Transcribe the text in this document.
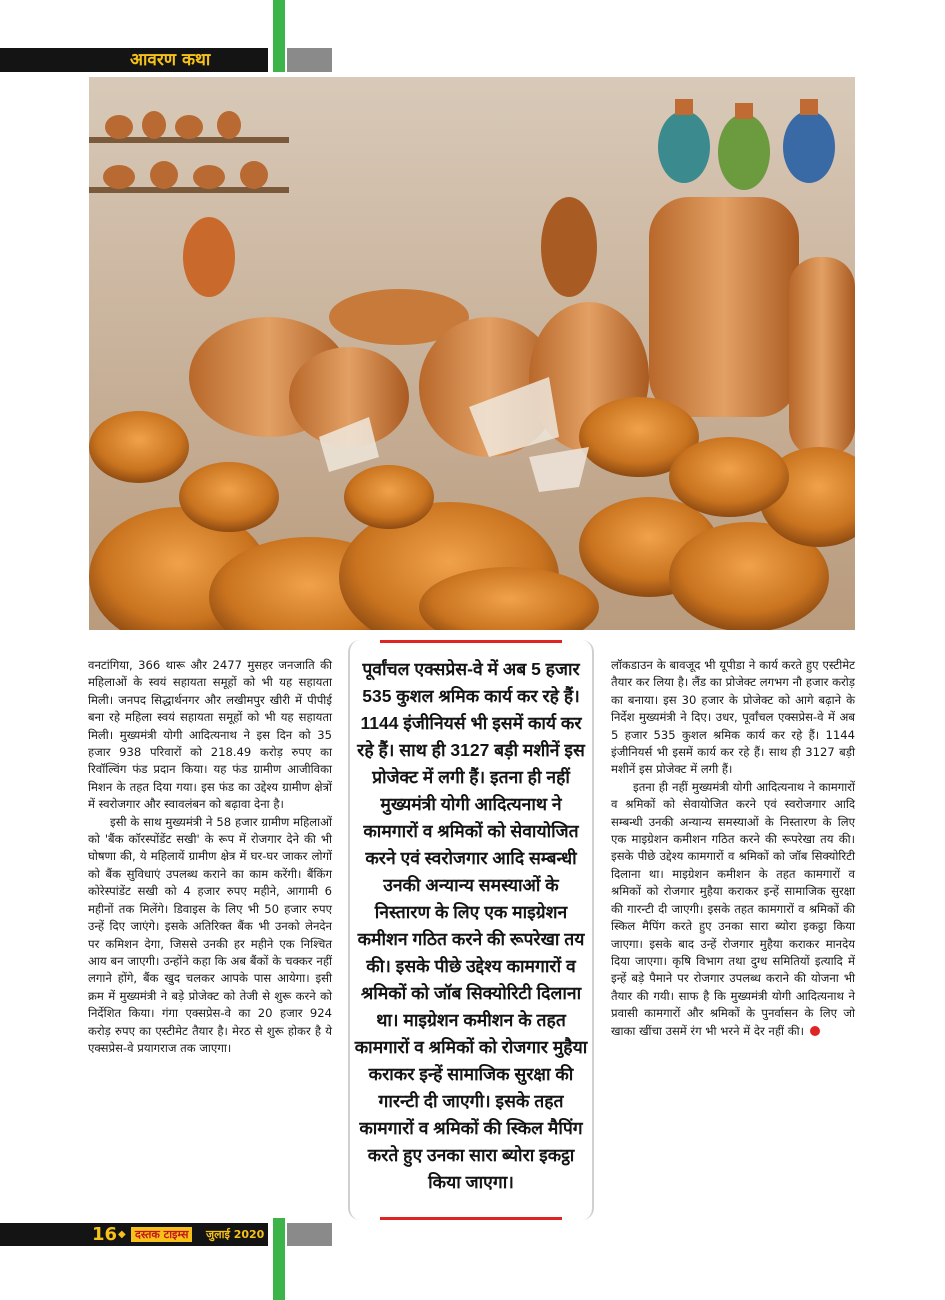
आवरण कथा

वनटांगिया, 366 थारू और 2477 मुसहर जनजाति की महिलाओं के स्वयं सहायता समूहों को भी यह सहायता मिली। जनपद सिद्धार्थनगर और लखीमपुर खीरी में पीपीई बना रहे महिला स्वयं सहायता समूहों को भी यह सहायता मिली। मुख्यमंत्री योगी आदित्यनाथ ने इस दिन को 35 हजार 938 परिवारों को 218.49 करोड़ रुपए का रिवॉल्विंग फंड प्रदान किया। यह फंड ग्रामीण आजीविका मिशन के तहत दिया गया। इस फंड का उद्देश्य ग्रामीण क्षेत्रों में स्वरोजगार और स्वावलंबन को बढ़ावा देना है।

इसी के साथ मुख्यमंत्री ने 58 हजार ग्रामीण महिलाओं को 'बैंक कॉरस्पोंडेंट सखी' के रूप में रोजगार देने की भी घोषणा की, ये महिलायें ग्रामीण क्षेत्र में घर-घर जाकर लोगों को बैंक सुविधाएं उपलब्ध कराने का काम करेंगी। बैंकिंग कोरेस्पांडेंट सखी को 4 हजार रुपए महीने, आगामी 6 महीनों तक मिलेंगे। डिवाइस के लिए भी 50 हजार रुपए उन्हें दिए जाएंगे। इसके अतिरिक्त बैंक भी उनको लेनदेन पर कमिशन देगा, जिससे उनकी हर महीने एक निश्चित आय बन जाएगी। उन्होंने कहा कि अब बैंकों के चक्कर नहीं लगाने होंगे, बैंक खुद चलकर आपके पास आयेगा। इसी क्रम में मुख्यमंत्री ने बड़े प्रोजेक्ट को तेजी से शुरू करने को निर्देशित किया। गंगा एक्सप्रेस-वे का 20 हजार 924 करोड़ रुपए का एस्टीमेट तैयार है। मेरठ से शुरू होकर है ये एक्सप्रेस-वे प्रयागराज तक जाएगा।

पूर्वांचल एक्सप्रेस-वे में अब 5 हजार 535 कुशल श्रमिक कार्य कर रहे हैं। 1144 इंजीनियर्स भी इसमें कार्य कर रहे हैं। साथ ही 3127 बड़ी मशीनें इस प्रोजेक्ट में लगी हैं। इतना ही नहीं मुख्यमंत्री योगी आदित्यनाथ ने कामगारों व श्रमिकों को सेवायोजित करने एवं स्वरोजगार आदि सम्बन्धी उनकी अन्यान्य समस्याओं के निस्तारण के लिए एक माइग्रेशन कमीशन गठित करने की रूपरेखा तय की। इसके पीछे उद्देश्य कामगारों व श्रमिकों को जॉब सिक्योरिटी दिलाना था। माइग्रेशन कमीशन के तहत कामगारों व श्रमिकों को रोजगार मुहैया कराकर इन्हें सामाजिक सुरक्षा की गारन्टी दी जाएगी। इसके तहत कामगारों व श्रमिकों की स्किल मैपिंग करते हुए उनका सारा ब्योरा इकट्ठा किया जाएगा।

लॉकडाउन के बावजूद भी यूपीडा ने कार्य करते हुए एस्टीमेट तैयार कर लिया है। लैंड का प्रोजेक्ट लगभग नौ हजार करोड़ का बनाया। इस 30 हजार के प्रोजेक्ट को आगे बढ़ाने के निर्देश मुख्यमंत्री ने दिए। उधर, पूर्वांचल एक्सप्रेस-वे में अब 5 हजार 535 कुशल श्रमिक कार्य कर रहे हैं। 1144 इंजीनियर्स भी इसमें कार्य कर रहे हैं। साथ ही 3127 बड़ी मशीनें इस प्रोजेक्ट में लगी हैं।

इतना ही नहीं मुख्यमंत्री योगी आदित्यनाथ ने कामगारों व श्रमिकों को सेवायोजित करने एवं स्वरोजगार आदि सम्बन्धी उनकी अन्यान्य समस्याओं के निस्तारण के लिए एक माइग्रेशन कमीशन गठित करने की रूपरेखा तय की। इसके पीछे उद्देश्य कामगारों व श्रमिकों को जॉब सिक्योरिटी दिलाना था। माइग्रेशन कमीशन के तहत कामगारों व श्रमिकों को रोजगार मुहैया कराकर इन्हें सामाजिक सुरक्षा की गारन्टी दी जाएगी। इसके तहत कामगारों व श्रमिकों की स्किल मैपिंग करते हुए उनका सारा ब्योरा इकट्ठा किया जाएगा। इसके बाद उन्हें रोजगार मुहैया कराकर मानदेय दिया जाएगा। कृषि विभाग तथा दुग्ध समितियों इत्यादि में इन्हें बड़े पैमाने पर रोजगार उपलब्ध कराने की योजना भी तैयार की गयी। साफ है कि मुख्यमंत्री योगी आदित्यनाथ ने प्रवासी कामगारों और श्रमिकों के पुनर्वासन के लिए जो खाका खींचा उसमें रंग भी भरने में देर नहीं की।

16 ◆ दस्तक टाइम्स	जुलाई 2020
